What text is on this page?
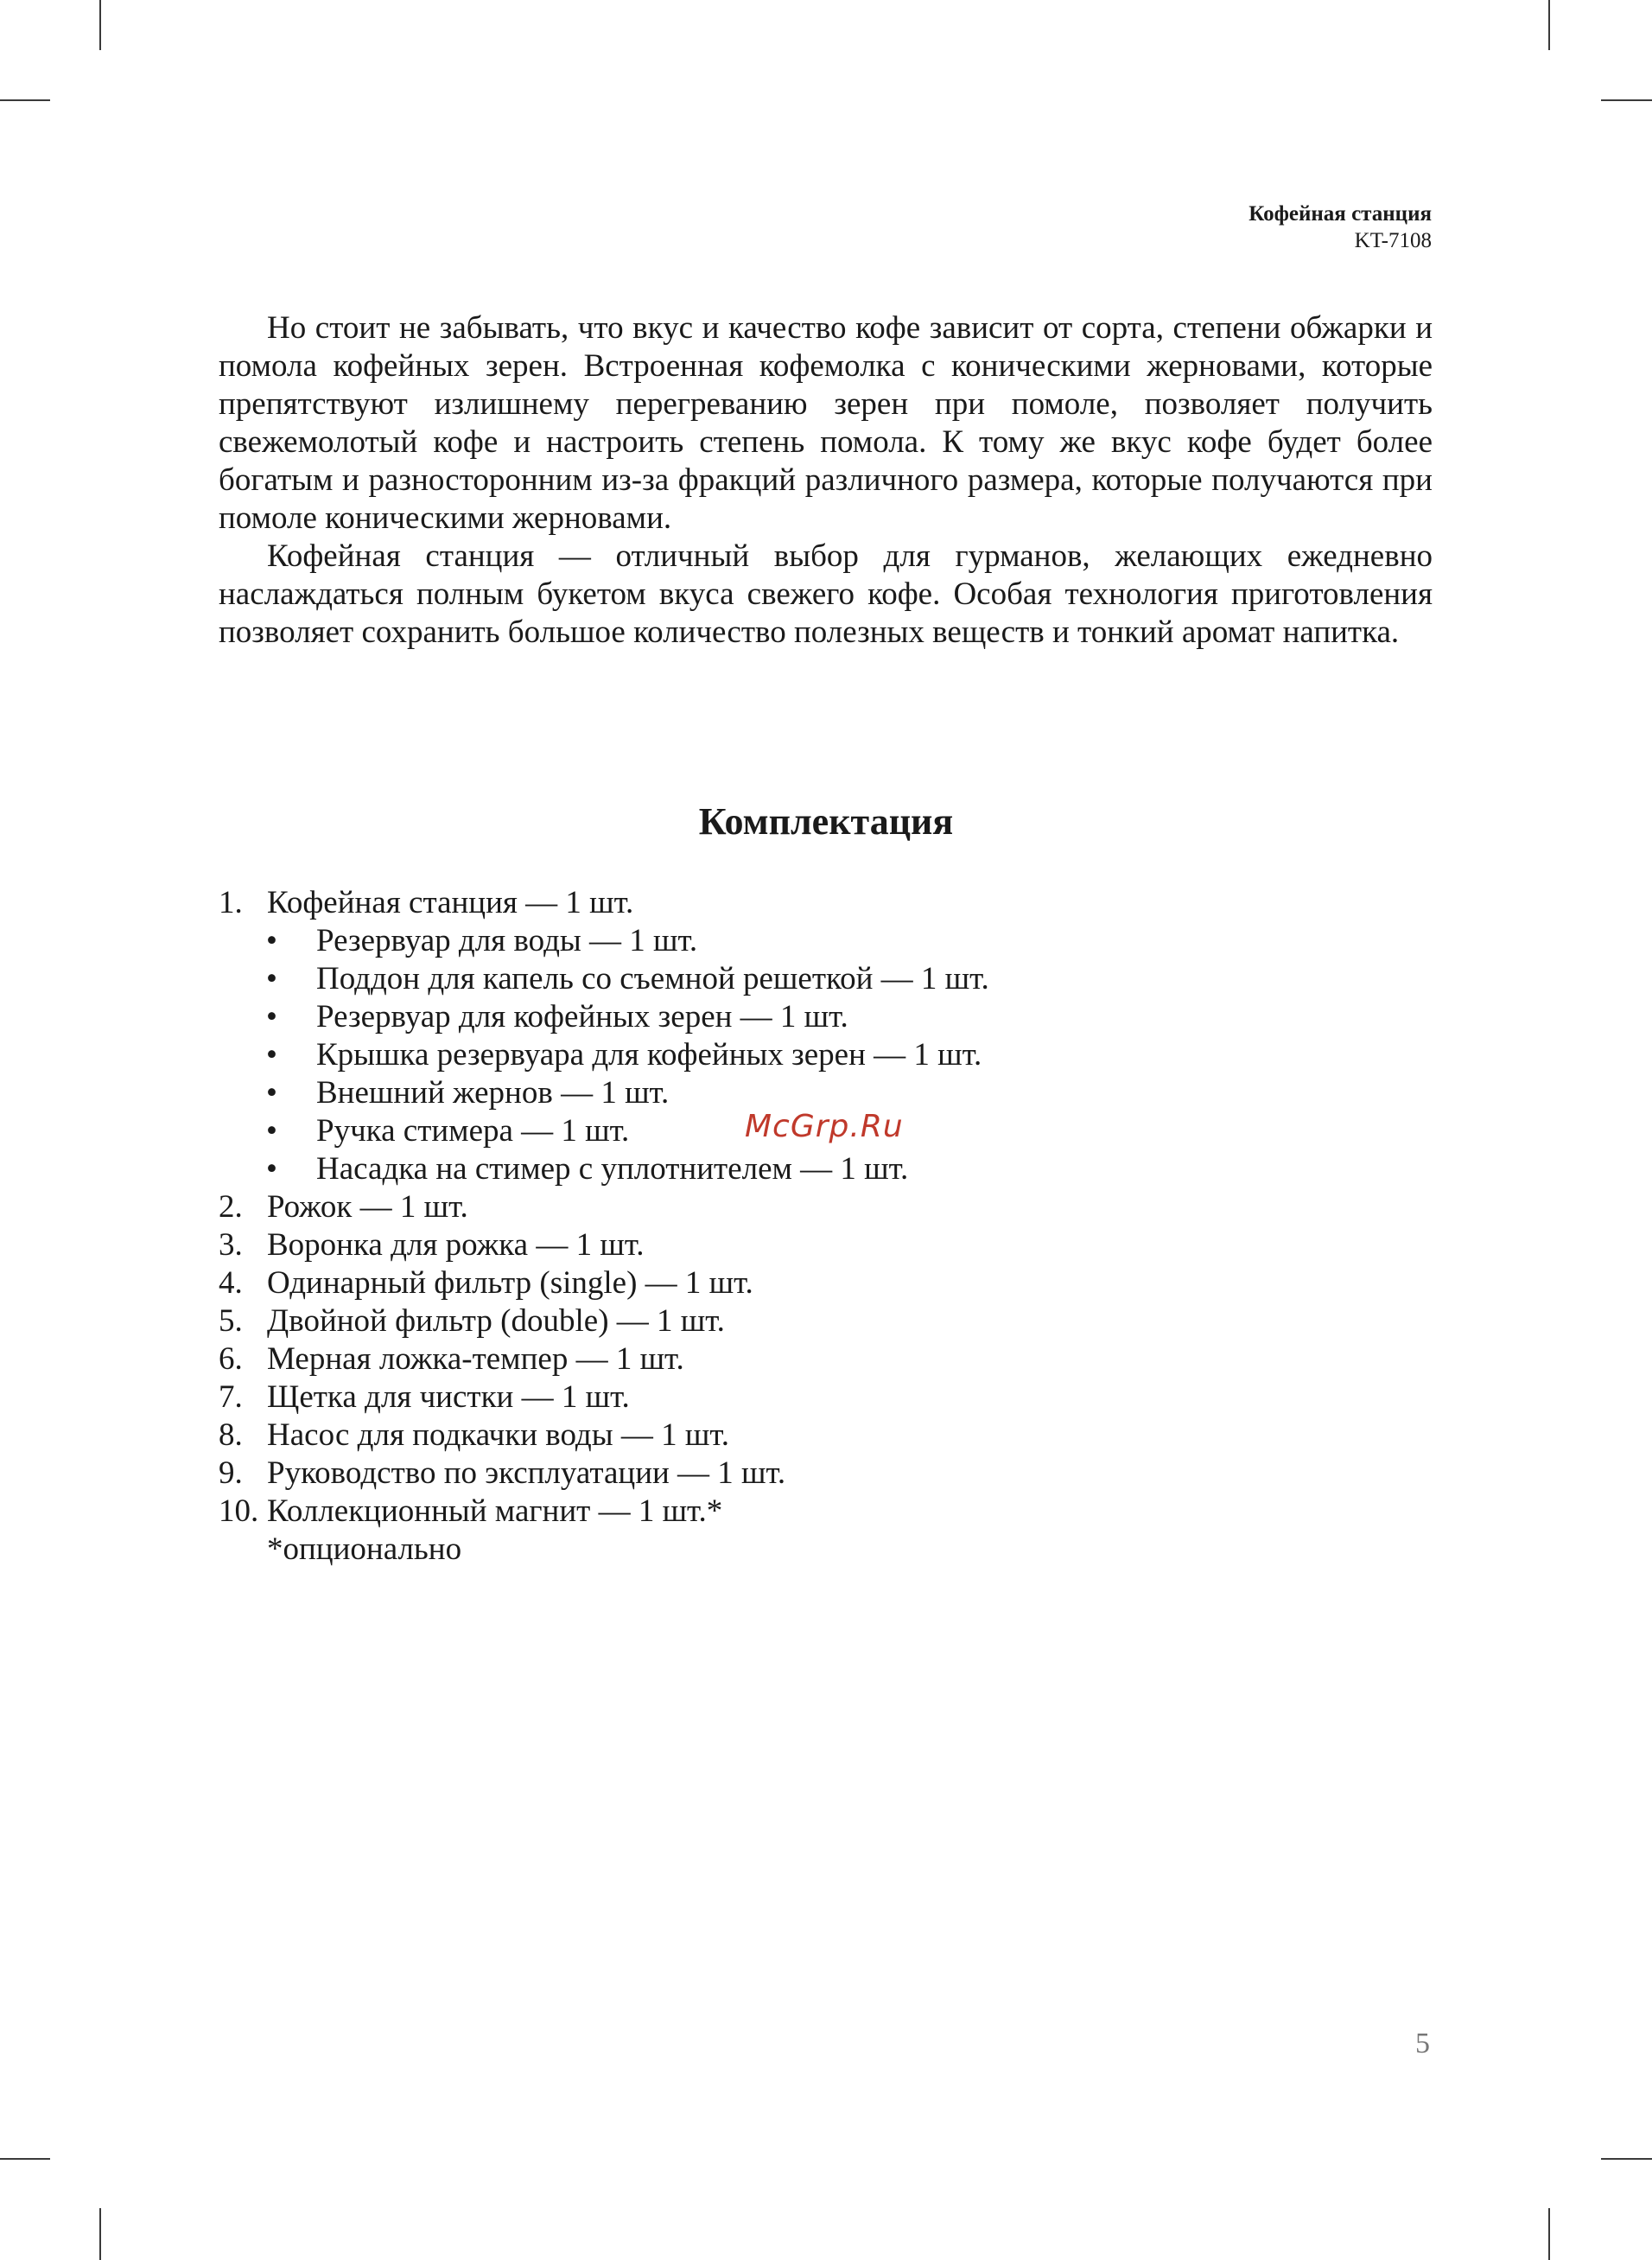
Кофейная станция
KT-7108

Но стоит не забывать, что вкус и качество кофе зависит от сорта, степени обжарки и помола кофейных зерен. Встроенная кофемолка с коническими жерновами, которые препятствуют излишнему перегреванию зерен при помоле, позволяет получить свежемолотый кофе и настроить степень помола. К тому же вкус кофе будет более богатым и разносторонним из-за фракций различного размера, которые получаются при помоле коническими жерновами.

Кофейная станция — отличный выбор для гурманов, желающих ежедневно наслаждаться полным букетом вкуса свежего кофе. Особая технология приготовления позволяет сохранить большое количество полезных веществ и тонкий аромат напитка.

Комплектация
1. Кофейная станция — 1 шт.
• Резервуар для воды — 1 шт.
• Поддон для капель со съемной решеткой — 1 шт.
• Резервуар для кофейных зерен — 1 шт.
• Крышка резервуара для кофейных зерен — 1 шт.
• Внешний жернов — 1 шт.
• Ручка стимера — 1 шт.
• Насадка на стимер с уплотнителем — 1 шт.
2. Рожок — 1 шт.
3. Воронка для рожка — 1 шт.
4. Одинарный фильтр (single) — 1 шт.
5. Двойной фильтр (double) — 1 шт.
6. Мерная ложка-темпер — 1 шт.
7. Щетка для чистки — 1 шт.
8. Насос для подкачки воды — 1 шт.
9. Руководство по эксплуатации — 1 шт.
10. Коллекционный магнит — 1 шт.*
*опционально
McGrp.Ru
5
